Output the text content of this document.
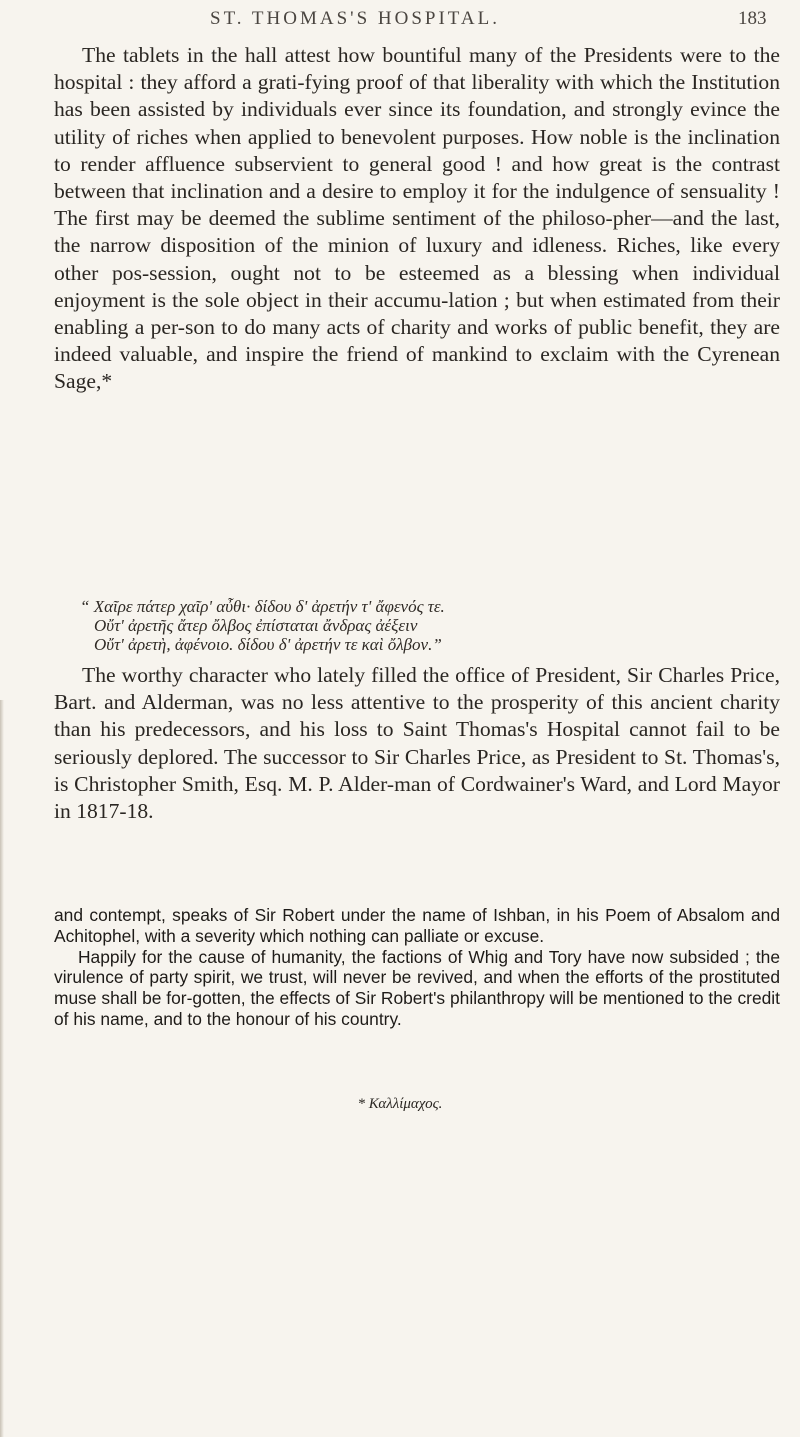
ST. THOMAS'S HOSPITAL.	183

The tablets in the hall attest how bountiful many of the Presidents were to the hospital : they afford a grati-fying proof of that liberality with which the Institution has been assisted by individuals ever since its foundation, and strongly evince the utility of riches when applied to benevolent purposes. How noble is the inclination to render affluence subservient to general good ! and how great is the contrast between that inclination and a desire to employ it for the indulgence of sensuality ! The first may be deemed the sublime sentiment of the philoso-pher—and the last, the narrow disposition of the minion of luxury and idleness. Riches, like every other pos-session, ought not to be esteemed as a blessing when individual enjoyment is the sole object in their accumu-lation ; but when estimated from their enabling a per-son to do many acts of charity and works of public benefit, they are indeed valuable, and inspire the friend of mankind to exclaim with the Cyrenean Sage,*

“ Χαῖρε πάτερ χαῖρ' αὖθι· δίδου δ' ἀρετήν τ' ἄφενός τε.
Οὔτ' ἀρετῆς ἄτερ ὄλβος ἐπίσταται ἄνδρας ἀέξειν
Οὔτ' ἀρετὴ, ἀφένοιο. δίδου δ' ἀρετήν τε καὶ ὄλβον.”

The worthy character who lately filled the office of President, Sir Charles Price, Bart. and Alderman, was no less attentive to the prosperity of this ancient charity than his predecessors, and his loss to Saint Thomas's Hospital cannot fail to be seriously deplored. The successor to Sir Charles Price, as President to St. Thomas's, is Christopher Smith, Esq. M. P. Alder-man of Cordwainer's Ward, and Lord Mayor in 1817-18.

and contempt, speaks of Sir Robert under the name of Ishban, in his Poem of Absalom and Achitophel, with a severity which nothing can palliate or excuse.

Happily for the cause of humanity, the factions of Whig and Tory have now subsided ; the virulence of party spirit, we trust, will never be revived, and when the efforts of the prostituted muse shall be for-gotten, the effects of Sir Robert's philanthropy will be mentioned to the credit of his name, and to the honour of his country.

* Καλλίμαχος.
